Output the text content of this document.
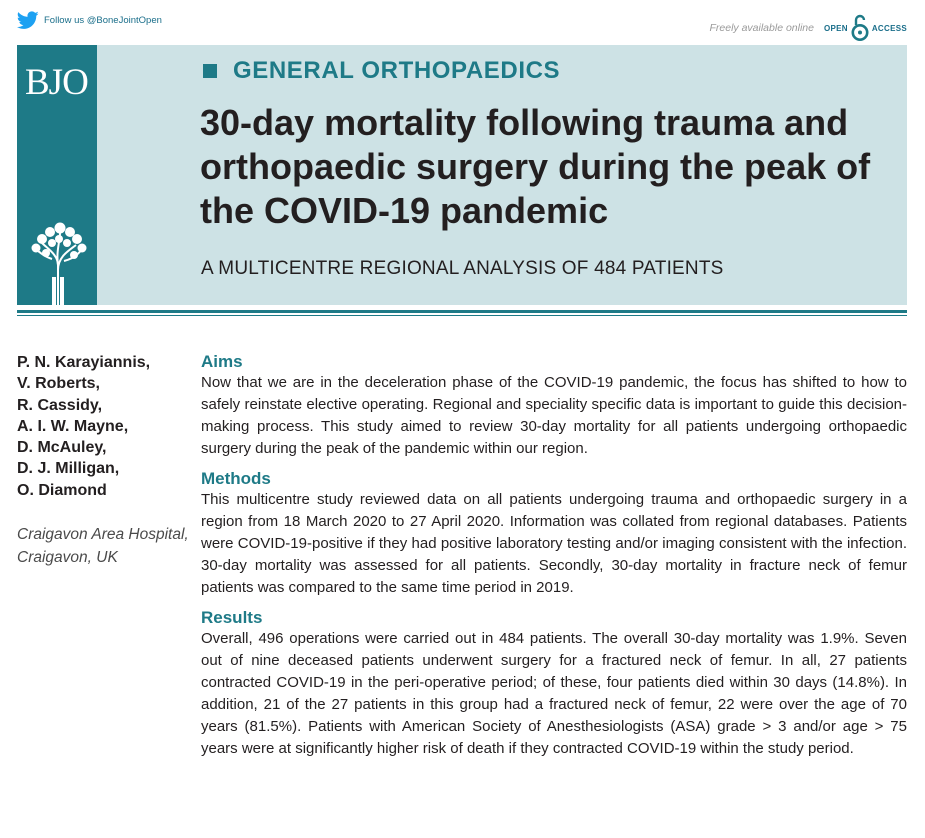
Follow us @BoneJointOpen
Freely available online OPEN	ACCESS
BJO	GENERAL ORTHOPAEDICS
30-day mortality following trauma and orthopaedic surgery during the peak of the COVID-19 pandemic
A MULTICENTRE REGIONAL ANALYSIS OF 484 PATIENTS
P. N. Karayiannis,
V. Roberts,
R. Cassidy,
A. I. W. Mayne,
D. McAuley,
D. J. Milligan,
O. Diamond
Craigavon Area Hospital, Craigavon, UK
Aims

Now that we are in the deceleration phase of the COVID-19 pandemic, the focus has shifted to how to safely reinstate elective operating. Regional and speciality specific data is important to guide this decision-making process. This study aimed to review 30-day mortality for all patients undergoing orthopaedic surgery during the peak of the pandemic within our region.

Methods

This multicentre study reviewed data on all patients undergoing trauma and orthopaedic surgery in a region from 18 March 2020 to 27 April 2020. Information was collated from regional databases. Patients were COVID-19-positive if they had positive laboratory testing and/or imaging consistent with the infection. 30-day mortality was assessed for all patients. Secondly, 30-day mortality in fracture neck of femur patients was compared to the same time period in 2019.

Results

Overall, 496 operations were carried out in 484 patients. The overall 30-day mortality was 1.9%. Seven out of nine deceased patients underwent surgery for a fractured neck of femur. In all, 27 patients contracted COVID-19 in the peri-operative period; of these, four patients died within 30 days (14.8%). In addition, 21 of the 27 patients in this group had a fractured neck of femur, 22 were over the age of 70 years (81.5%). Patients with American Society of Anesthesiologists (ASA) grade > 3 and/or age > 75 years were at significantly higher risk of death if they contracted COVID-19 within the study period.
